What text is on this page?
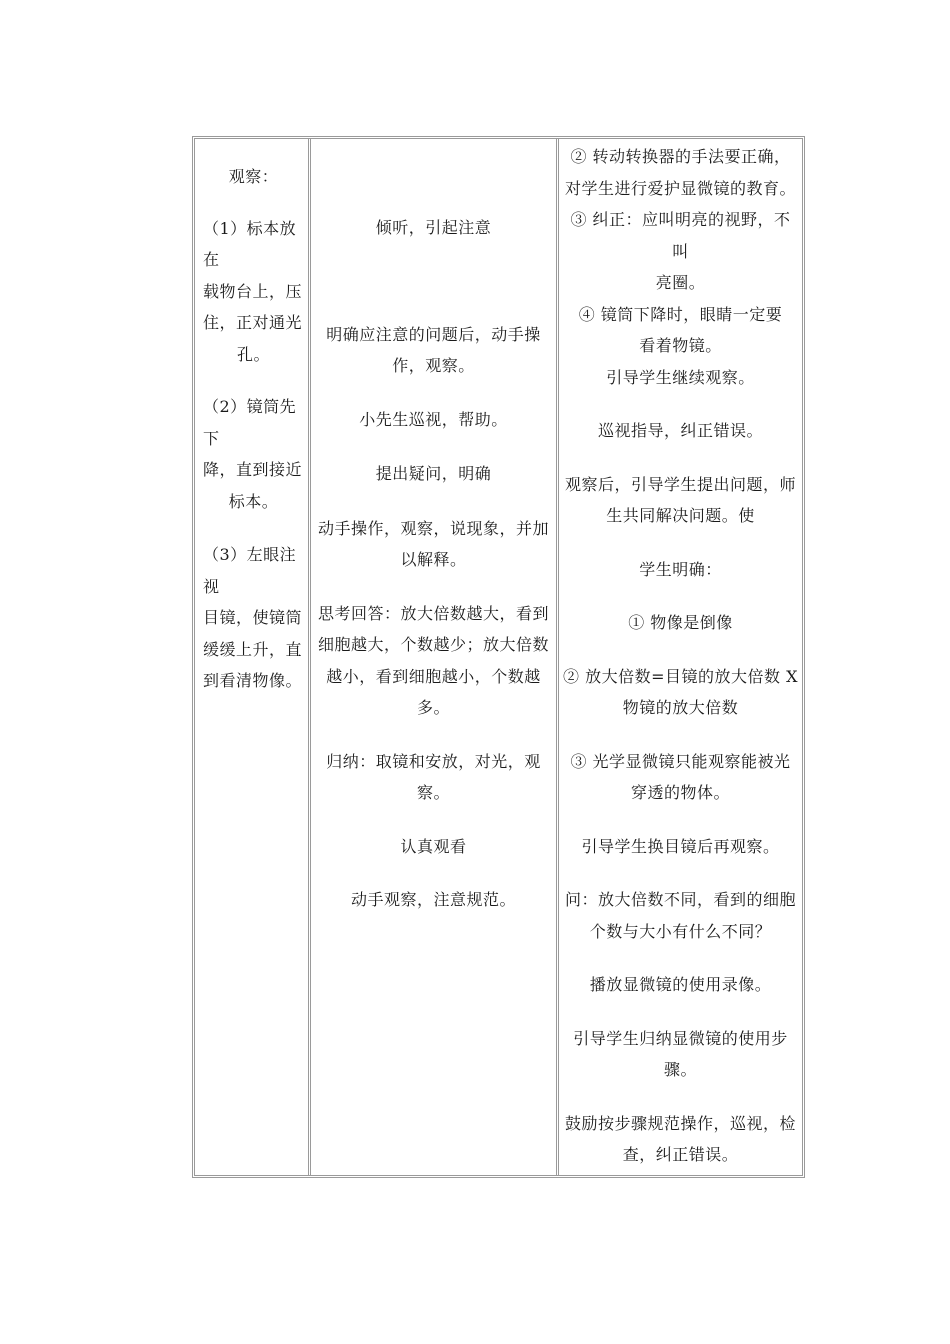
观察：

（1）标本放在
载物台上，压
住，正对通光
孔。

（2）镜筒先下
降，直到接近
标本。

（3）左眼注视
目镜，使镜筒
缓缓上升，直
到看清物像。

倾听，引起注意

明确应注意的问题后，动手操作，观察。

小先生巡视，帮助。

提出疑问，明确

动手操作，观察，说现象，并加以解释。

思考回答：放大倍数越大，看到细胞越大，个数越少；放大倍数越小，看到细胞越小，个数越多。

归纳：取镜和安放，对光，观察。

认真观看

动手观察，注意规范。

② 转动转换器的手法要正确，对学生进行爱护显微镜的教育。

③ 纠正：应叫明亮的视野，不叫
亮圈。

④ 镜筒下降时，眼睛一定要
看着物镜。

引导学生继续观察。

巡视指导，纠正错误。

观察后，引导学生提出问题，师生共同解决问题。使

学生明确：

① 物像是倒像

② 放大倍数=目镜的放大倍数 X 物镜的放大倍数

③ 光学显微镜只能观察能被光穿透的物体。

引导学生换目镜后再观察。

问：放大倍数不同，看到的细胞个数与大小有什么不同？

播放显微镜的使用录像。

引导学生归纳显微镜的使用步骤。

鼓励按步骤规范操作，巡视，检查，纠正错误。
